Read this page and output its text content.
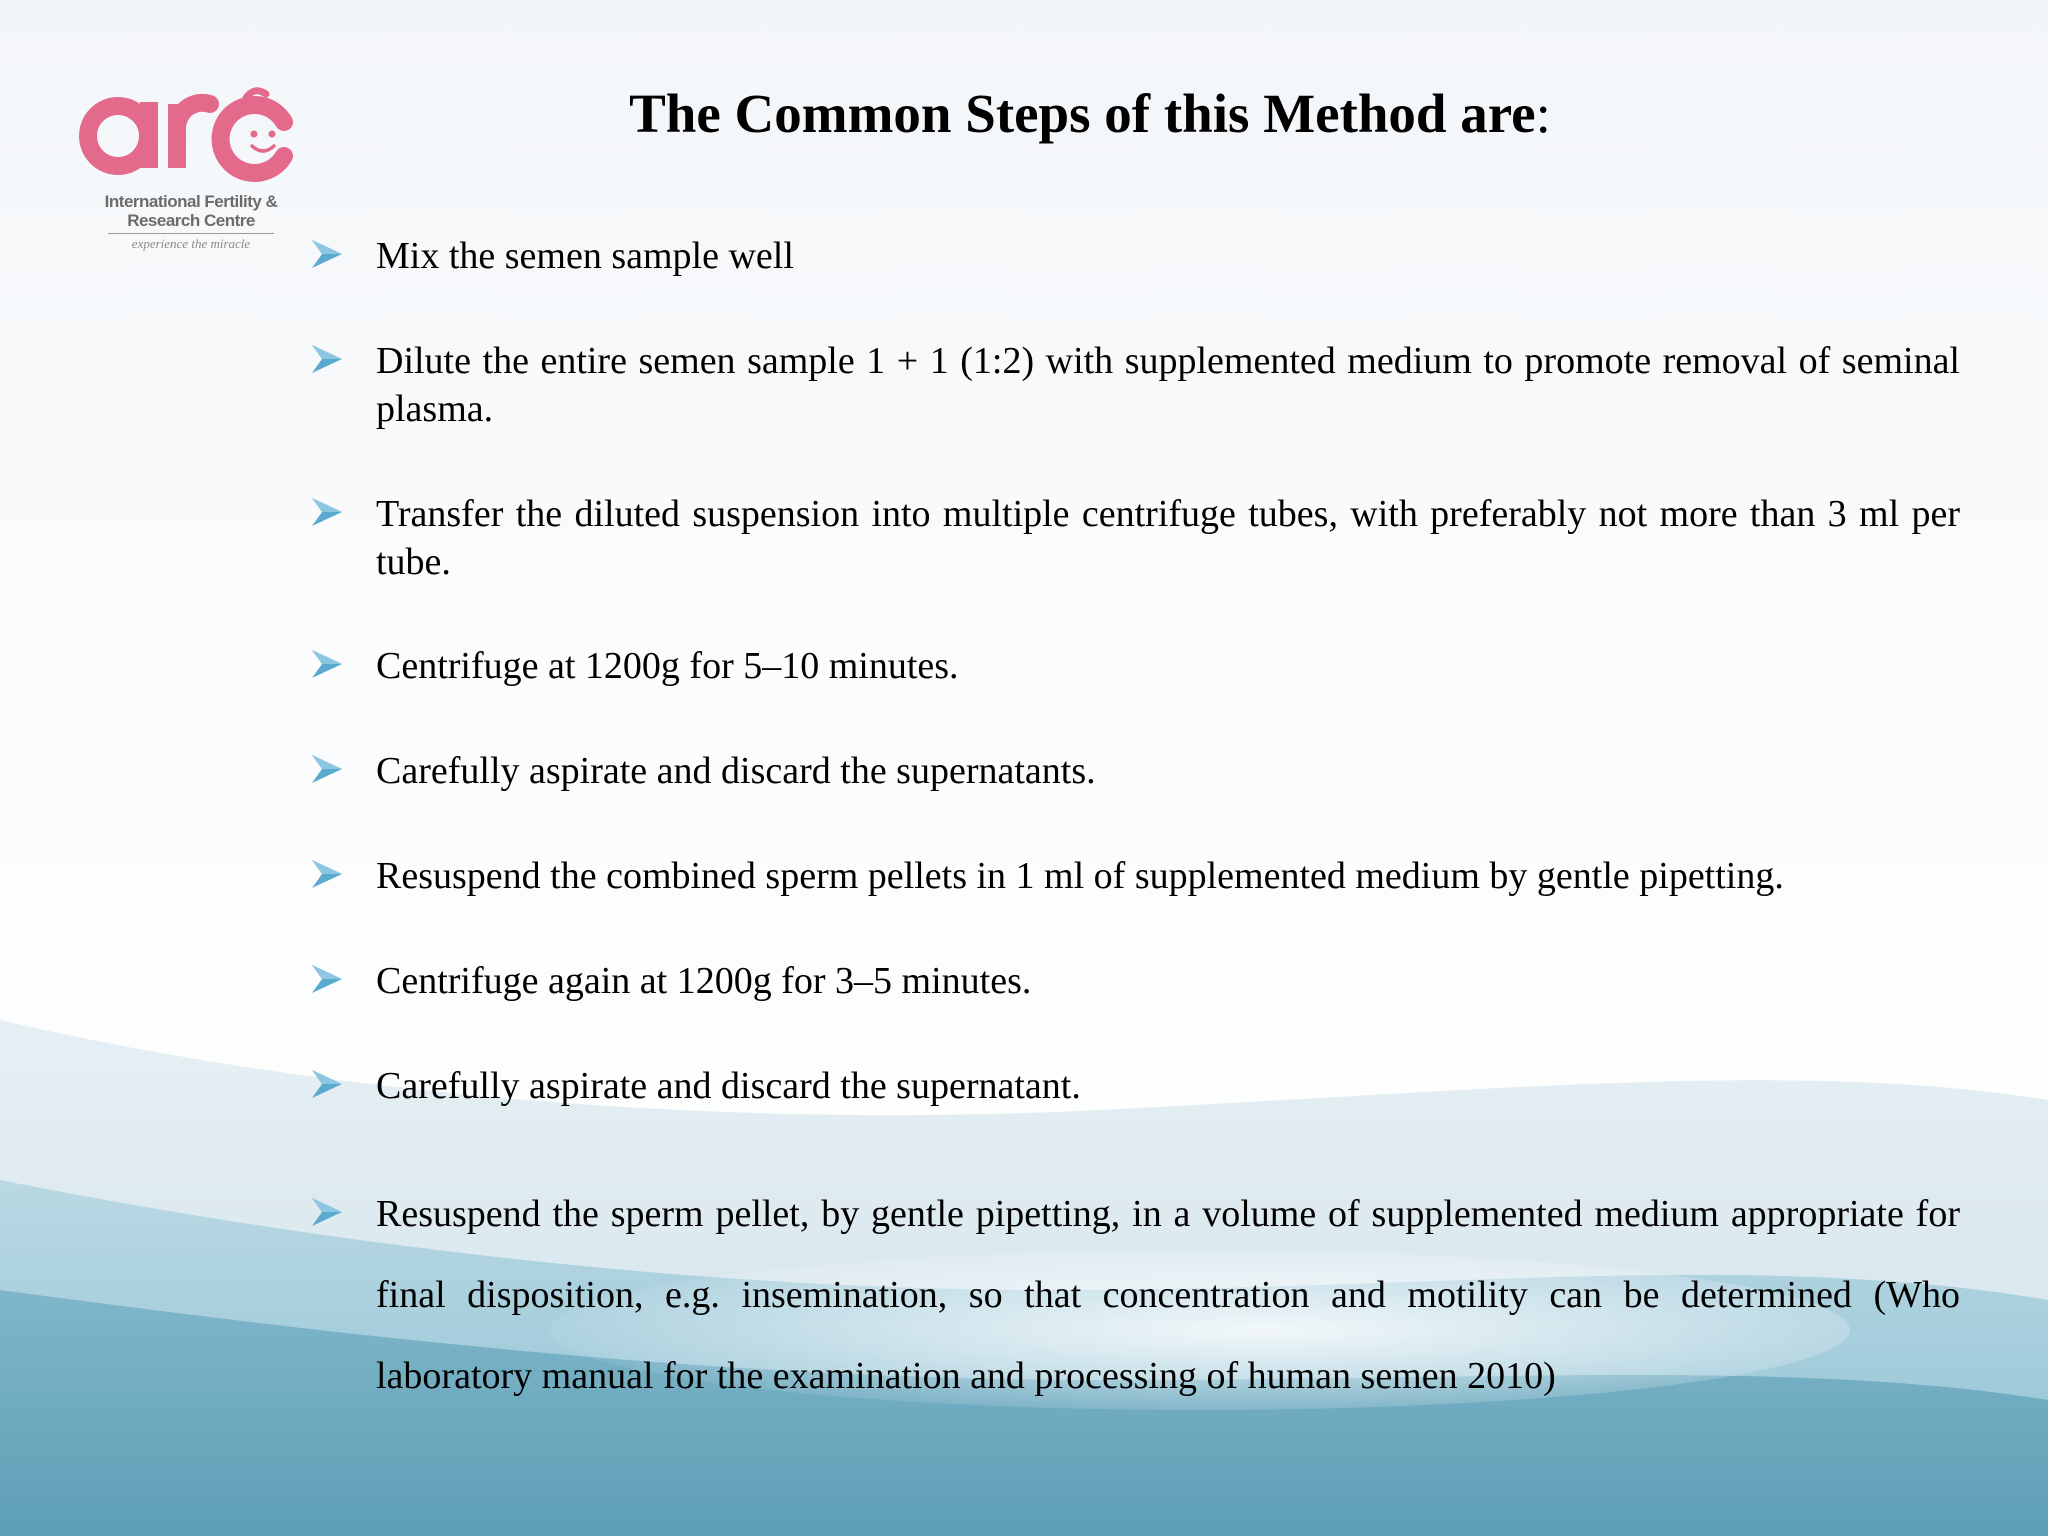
International Fertility &
Research Centre
experience the miracle
The Common Steps of this Method are:
Mix the semen sample well
Dilute the entire semen sample 1 + 1 (1:2) with supplemented medium to promote removal of seminal plasma.
Transfer the diluted suspension into multiple centrifuge tubes, with preferably not more than 3 ml per tube.
Centrifuge at 1200g for 5–10 minutes.
Carefully aspirate and discard the supernatants.
Resuspend the combined sperm pellets in 1 ml of supplemented medium by gentle pipetting.
Centrifuge again at 1200g for 3–5 minutes.
Carefully aspirate and discard the supernatant.
Resuspend the sperm pellet, by gentle pipetting, in a volume of supplemented medium appropriate for final disposition, e.g. insemination, so that concentration and motility can be determined (Who laboratory manual for the examination and processing of human semen 2010)
